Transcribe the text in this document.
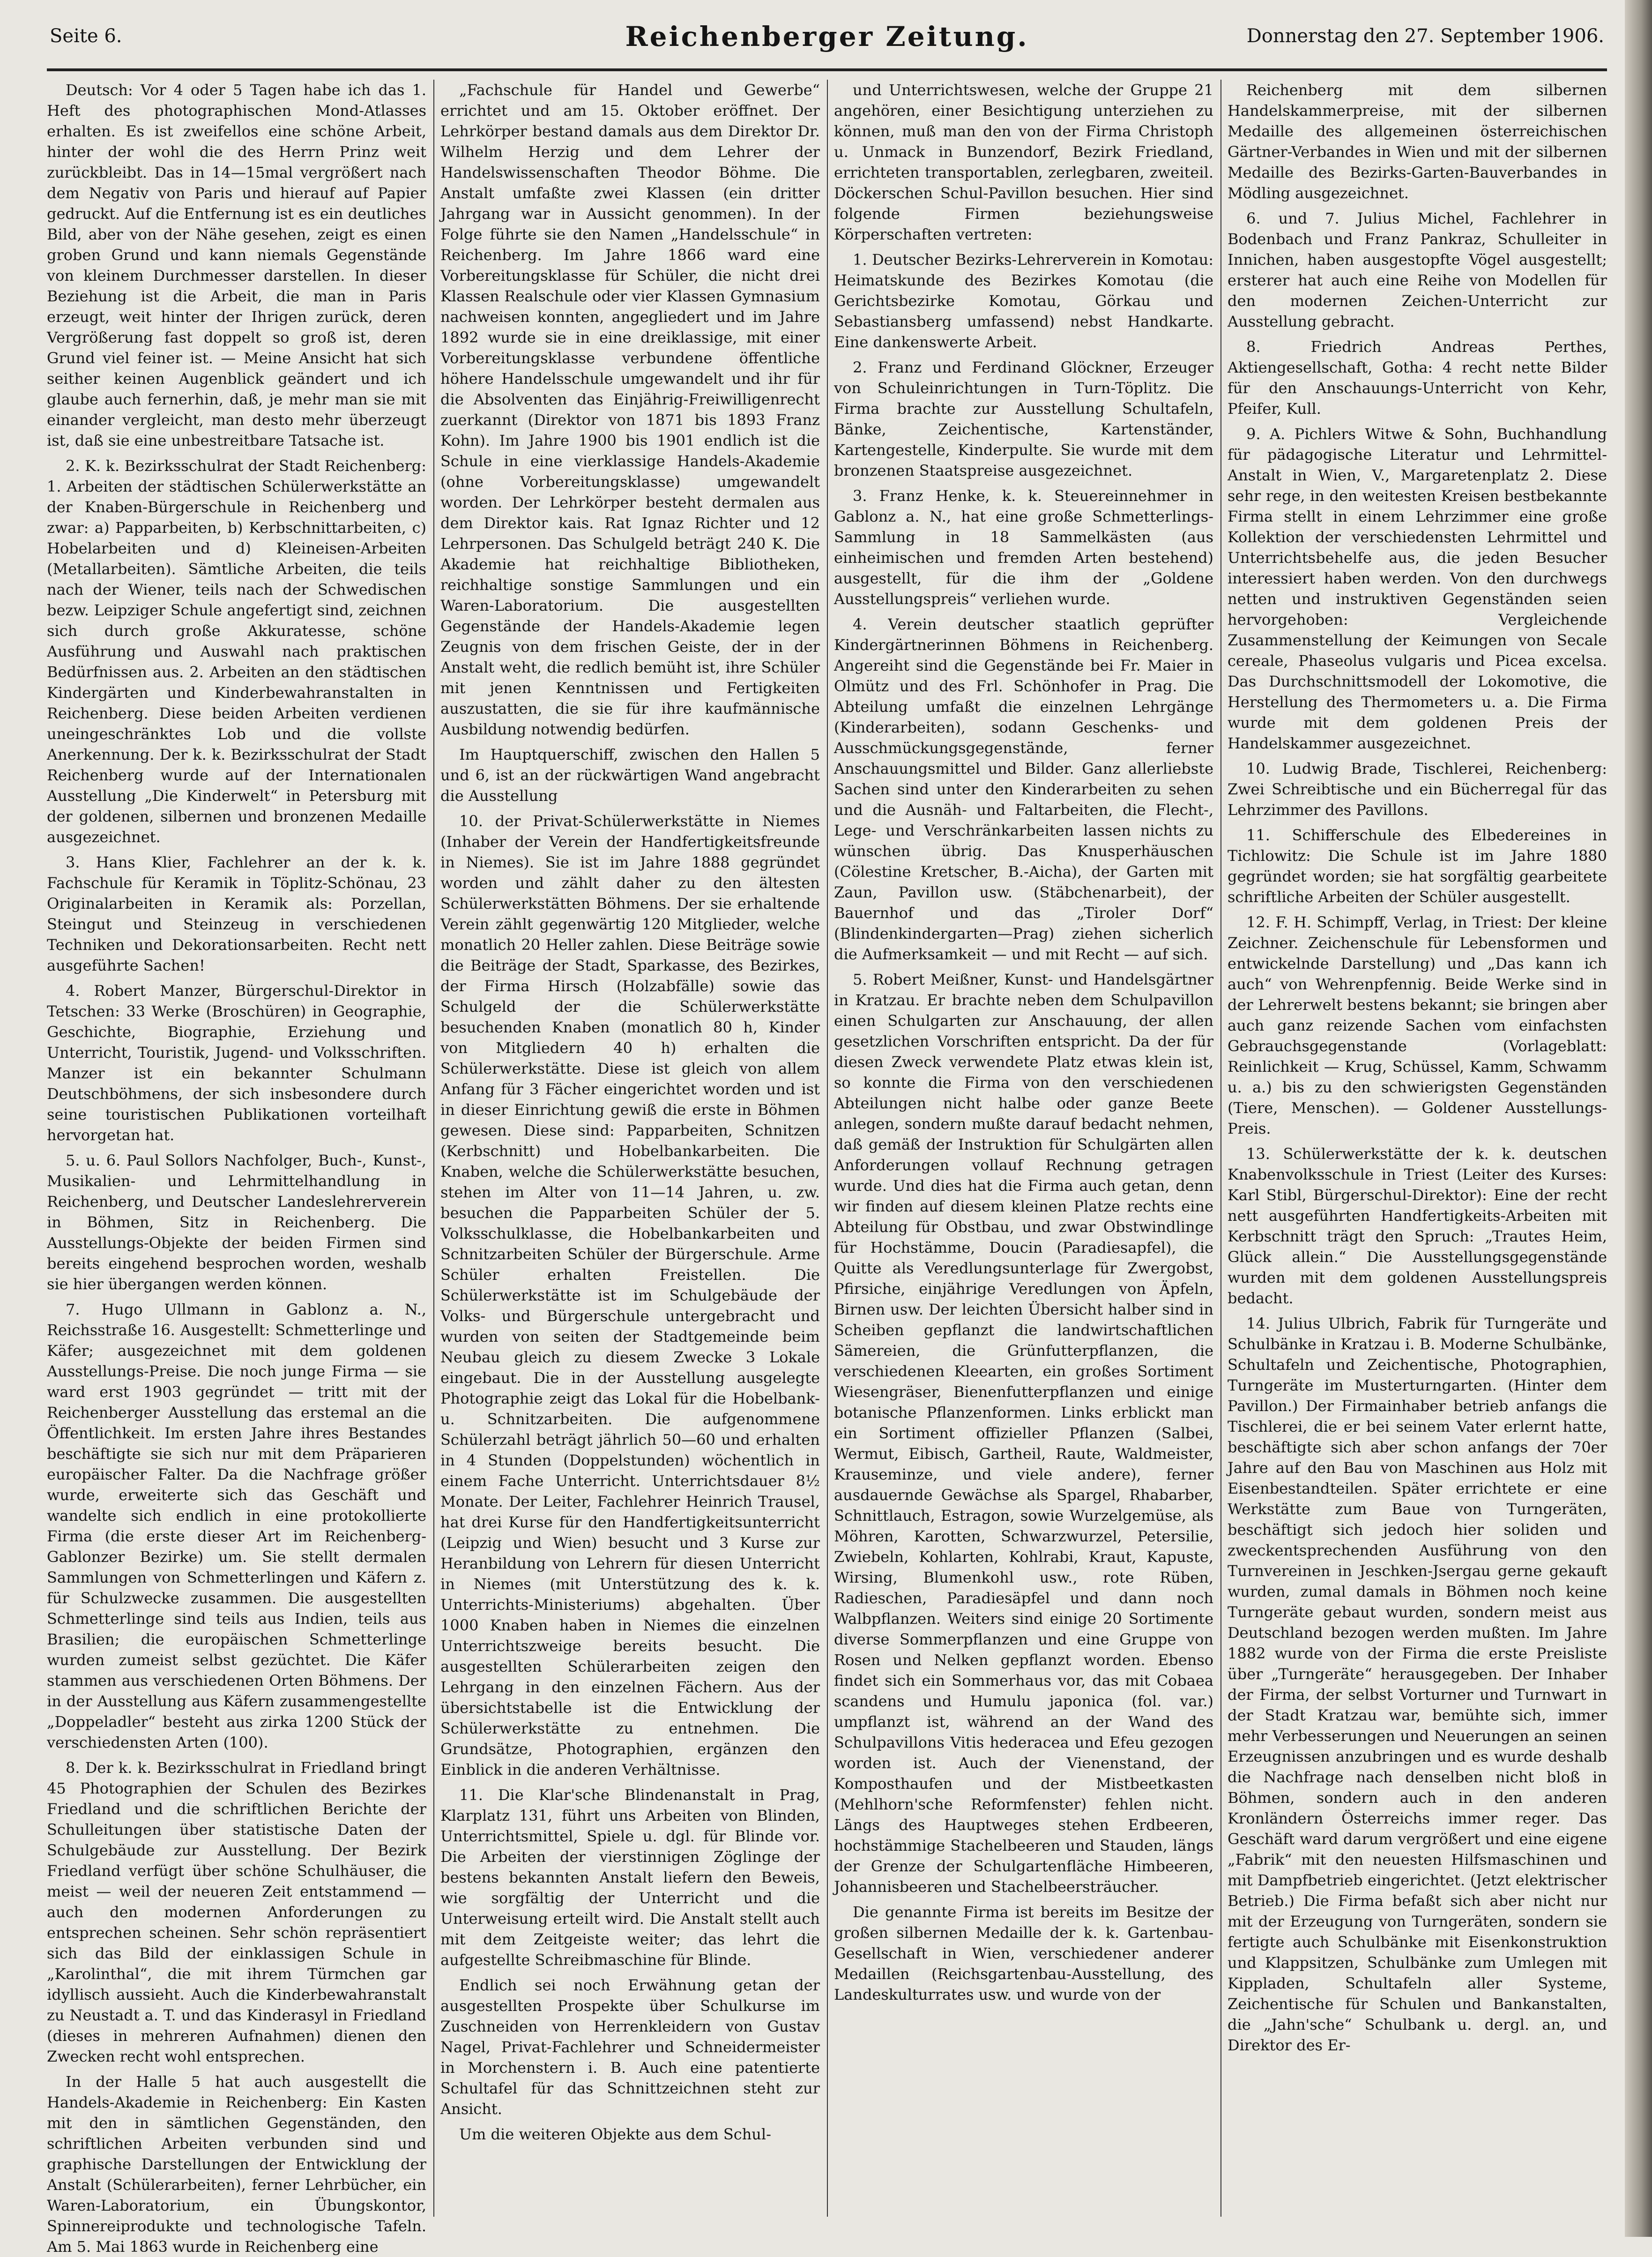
Seite 6.	Reichenberger Zeitung.	Donnerstag den 27. September 1906.

Deutsch: Vor 4 oder 5 Tagen habe ich das 1. Heft des photographischen Mond-Atlasses erhalten. Es ist zweifellos eine schöne Arbeit, hinter der wohl die des Herrn Prinz weit zurückbleibt. Das in 14—15mal vergrößert nach dem Negativ von Paris und hierauf auf Papier gedruckt. Auf die Entfernung ist es ein deutliches Bild, aber von der Nähe gesehen, zeigt es einen groben Grund und kann niemals Gegenstände von kleinem Durchmesser darstellen. In dieser Beziehung ist die Arbeit, die man in Paris erzeugt, weit hinter der Ihrigen zurück, deren Vergrößerung fast doppelt so groß ist, deren Grund viel feiner ist. — Meine Ansicht hat sich seither keinen Augenblick geändert und ich glaube auch fernerhin, daß, je mehr man sie mit einander vergleicht, man desto mehr überzeugt ist, daß sie eine unbestreitbare Tatsache ist.

2. K. k. Bezirksschulrat der Stadt Reichenberg: 1. Arbeiten der städtischen Schülerwerkstätte an der Knaben-Bürgerschule in Reichenberg und zwar: a) Papparbeiten, b) Kerbschnittarbeiten, c) Hobelarbeiten und d) Kleineisen-Arbeiten (Metallarbeiten). Sämtliche Arbeiten, die teils nach der Wiener, teils nach der Schwedischen bezw. Leipziger Schule angefertigt sind, zeichnen sich durch große Akkuratesse, schöne Ausführung und Auswahl nach praktischen Bedürfnissen aus. 2. Arbeiten an den städtischen Kindergärten und Kinderbewahranstalten in Reichenberg. Diese beiden Arbeiten verdienen uneingeschränktes Lob und die vollste Anerkennung. Der k. k. Bezirksschulrat der Stadt Reichenberg wurde auf der Internationalen Ausstellung „Die Kinderwelt“ in Petersburg mit der goldenen, silbernen und bronzenen Medaille ausgezeichnet.

3. Hans Klier, Fachlehrer an der k. k. Fachschule für Keramik in Töplitz-Schönau, 23 Originalarbeiten in Keramik als: Porzellan, Steingut und Steinzeug in verschiedenen Techniken und Dekorationsarbeiten. Recht nett ausgeführte Sachen!

4. Robert Manzer, Bürgerschul-Direktor in Tetschen: 33 Werke (Broschüren) in Geographie, Geschichte, Biographie, Erziehung und Unterricht, Touristik, Jugend- und Volksschriften. Manzer ist ein bekannter Schulmann Deutschböhmens, der sich insbesondere durch seine touristischen Publikationen vorteilhaft hervorgetan hat.

5. u. 6. Paul Sollors Nachfolger, Buch-, Kunst-, Musikalien- und Lehrmittelhandlung in Reichenberg, und Deutscher Landeslehrerverein in Böhmen, Sitz in Reichenberg. Die Ausstellungs-Objekte der beiden Firmen sind bereits eingehend besprochen worden, weshalb sie hier übergangen werden können.

7. Hugo Ullmann in Gablonz a. N., Reichsstraße 16. Ausgestellt: Schmetterlinge und Käfer; ausgezeichnet mit dem goldenen Ausstellungs-Preise. Die noch junge Firma — sie ward erst 1903 gegründet — tritt mit der Reichenberger Ausstellung das erstemal an die Öffentlichkeit. Im ersten Jahre ihres Bestandes beschäftigte sie sich nur mit dem Präparieren europäischer Falter. Da die Nachfrage größer wurde, erweiterte sich das Geschäft und wandelte sich endlich in eine protokollierte Firma (die erste dieser Art im Reichenberg-Gablonzer Bezirke) um. Sie stellt dermalen Sammlungen von Schmetterlingen und Käfern z. für Schulzwecke zusammen. Die ausgestellten Schmetterlinge sind teils aus Indien, teils aus Brasilien; die europäischen Schmetterlinge wurden zumeist selbst gezüchtet. Die Käfer stammen aus verschiedenen Orten Böhmens. Der in der Ausstellung aus Käfern zusammengestellte „Doppeladler“ besteht aus zirka 1200 Stück der verschiedensten Arten (100).

8. Der k. k. Bezirksschulrat in Friedland bringt 45 Photographien der Schulen des Bezirkes Friedland und die schriftlichen Berichte der Schulleitungen über statistische Daten der Schulgebäude zur Ausstellung. Der Bezirk Friedland verfügt über schöne Schulhäuser, die meist — weil der neueren Zeit entstammend — auch den modernen Anforderungen zu entsprechen scheinen. Sehr schön repräsentiert sich das Bild der einklassigen Schule in „Karolinthal“, die mit ihrem Türmchen gar idyllisch aussieht. Auch die Kinderbewahranstalt zu Neustadt a. T. und das Kinderasyl in Friedland (dieses in mehreren Aufnahmen) dienen den Zwecken recht wohl entsprechen.

In der Halle 5 hat auch ausgestellt die Handels-Akademie in Reichenberg: Ein Kasten mit den in sämtlichen Gegenständen, den schriftlichen Arbeiten verbunden sind und graphische Darstellungen der Entwicklung der Anstalt (Schülerarbeiten), ferner Lehrbücher, ein Waren-Laboratorium, ein Übungskontor, Spinnereiprodukte und technologische Tafeln. Am 5. Mai 1863 wurde in Reichenberg eine

„Fachschule für Handel und Gewerbe“ errichtet und am 15. Oktober eröffnet. Der Lehrkörper bestand damals aus dem Direktor Dr. Wilhelm Herzig und dem Lehrer der Handelswissenschaften Theodor Böhme. Die Anstalt umfaßte zwei Klassen (ein dritter Jahrgang war in Aussicht genommen). In der Folge führte sie den Namen „Handelsschule“ in Reichenberg. Im Jahre 1866 ward eine Vorbereitungsklasse für Schüler, die nicht drei Klassen Realschule oder vier Klassen Gymnasium nachweisen konnten, angegliedert und im Jahre 1892 wurde sie in eine dreiklassige, mit einer Vorbereitungsklasse verbundene öffentliche höhere Handelsschule umgewandelt und ihr für die Absolventen das Einjährig-Freiwilligenrecht zuerkannt (Direktor von 1871 bis 1893 Franz Kohn). Im Jahre 1900 bis 1901 endlich ist die Schule in eine vierklassige Handels-Akademie (ohne Vorbereitungsklasse) umgewandelt worden. Der Lehrkörper besteht dermalen aus dem Direktor kais. Rat Ignaz Richter und 12 Lehrpersonen. Das Schulgeld beträgt 240 K. Die Akademie hat reichhaltige Bibliotheken, reichhaltige sonstige Sammlungen und ein Waren-Laboratorium. Die ausgestellten Gegenstände der Handels-Akademie legen Zeugnis von dem frischen Geiste, der in der Anstalt weht, die redlich bemüht ist, ihre Schüler mit jenen Kenntnissen und Fertigkeiten auszustatten, die sie für ihre kaufmännische Ausbildung notwendig bedürfen.

Im Hauptquerschiff, zwischen den Hallen 5 und 6, ist an der rückwärtigen Wand angebracht die Ausstellung

10. der Privat-Schülerwerkstätte in Niemes (Inhaber der Verein der Handfertigkeitsfreunde in Niemes). Sie ist im Jahre 1888 gegründet worden und zählt daher zu den ältesten Schülerwerkstätten Böhmens. Der sie erhaltende Verein zählt gegenwärtig 120 Mitglieder, welche monatlich 20 Heller zahlen. Diese Beiträge sowie die Beiträge der Stadt, Sparkasse, des Bezirkes, der Firma Hirsch (Holzabfälle) sowie das Schulgeld der die Schülerwerkstätte besuchenden Knaben (monatlich 80 h, Kinder von Mitgliedern 40 h) erhalten die Schülerwerkstätte. Diese ist gleich von allem Anfang für 3 Fächer eingerichtet worden und ist in dieser Einrichtung gewiß die erste in Böhmen gewesen. Diese sind: Papparbeiten, Schnitzen (Kerbschnitt) und Hobelbankarbeiten. Die Knaben, welche die Schülerwerkstätte besuchen, stehen im Alter von 11—14 Jahren, u. zw. besuchen die Papparbeiten Schüler der 5. Volksschulklasse, die Hobelbankarbeiten und Schnitzarbeiten Schüler der Bürgerschule. Arme Schüler erhalten Freistellen. Die Schülerwerkstätte ist im Schulgebäude der Volks- und Bürgerschule untergebracht und wurden von seiten der Stadtgemeinde beim Neubau gleich zu diesem Zwecke 3 Lokale eingebaut. Die in der Ausstellung ausgelegte Photographie zeigt das Lokal für die Hobelbank- u. Schnitzarbeiten. Die aufgenommene Schülerzahl beträgt jährlich 50—60 und erhalten in 4 Stunden (Doppelstunden) wöchentlich in einem Fache Unterricht. Unterrichtsdauer 8½ Monate. Der Leiter, Fachlehrer Heinrich Trausel, hat drei Kurse für den Handfertigkeitsunterricht (Leipzig und Wien) besucht und 3 Kurse zur Heranbildung von Lehrern für diesen Unterricht in Niemes (mit Unterstützung des k. k. Unterrichts-Ministeriums) abgehalten. Über 1000 Knaben haben in Niemes die einzelnen Unterrichtszweige bereits besucht. Die ausgestellten Schülerarbeiten zeigen den Lehrgang in den einzelnen Fächern. Aus der übersichtstabelle ist die Entwicklung der Schülerwerkstätte zu entnehmen. Die Grundsätze, Photographien, ergänzen den Einblick in die anderen Verhältnisse.

11. Die Klar'sche Blindenanstalt in Prag, Klarplatz 131, führt uns Arbeiten von Blinden, Unterrichtsmittel, Spiele u. dgl. für Blinde vor. Die Arbeiten der vierstinnigen Zöglinge der bestens bekannten Anstalt liefern den Beweis, wie sorgfältig der Unterricht und die Unterweisung erteilt wird. Die Anstalt stellt auch mit dem Zeitgeiste weiter; das lehrt die aufgestellte Schreibmaschine für Blinde.

Endlich sei noch Erwähnung getan der ausgestellten Prospekte über Schulkurse im Zuschneiden von Herrenkleidern von Gustav Nagel, Privat-Fachlehrer und Schneidermeister in Morchenstern i. B. Auch eine patentierte Schultafel für das Schnittzeichnen steht zur Ansicht.

Um die weiteren Objekte aus dem Schul-

und Unterrichtswesen, welche der Gruppe 21 angehören, einer Besichtigung unterziehen zu können, muß man den von der Firma Christoph u. Unmack in Bunzendorf, Bezirk Friedland, errichteten transportablen, zerlegbaren, zweiteil. Döckerschen Schul-Pavillon besuchen. Hier sind folgende Firmen beziehungsweise Körperschaften vertreten:

1. Deutscher Bezirks-Lehrerverein in Komotau: Heimatskunde des Bezirkes Komotau (die Gerichtsbezirke Komotau, Görkau und Sebastiansberg umfassend) nebst Handkarte. Eine dankenswerte Arbeit.

2. Franz und Ferdinand Glöckner, Erzeuger von Schuleinrichtungen in Turn-Töplitz. Die Firma brachte zur Ausstellung Schultafeln, Bänke, Zeichentische, Kartenständer, Kartengestelle, Kinderpulte. Sie wurde mit dem bronzenen Staatspreise ausgezeichnet.

3. Franz Henke, k. k. Steuereinnehmer in Gablonz a. N., hat eine große Schmetterlings-Sammlung in 18 Sammelkästen (aus einheimischen und fremden Arten bestehend) ausgestellt, für die ihm der „Goldene Ausstellungspreis“ verliehen wurde.

4. Verein deutscher staatlich geprüfter Kindergärtnerinnen Böhmens in Reichenberg. Angereiht sind die Gegenstände bei Fr. Maier in Olmütz und des Frl. Schönhofer in Prag. Die Abteilung umfaßt die einzelnen Lehrgänge (Kinderarbeiten), sodann Geschenks- und Ausschmückungsgegenstände, ferner Anschauungsmittel und Bilder. Ganz allerliebste Sachen sind unter den Kinderarbeiten zu sehen und die Ausnäh- und Faltarbeiten, die Flecht-, Lege- und Verschränkarbeiten lassen nichts zu wünschen übrig. Das Knusperhäuschen (Cölestine Kretscher, B.-Aicha), der Garten mit Zaun, Pavillon usw. (Stäbchenarbeit), der Bauernhof und das „Tiroler Dorf“ (Blindenkindergarten—Prag) ziehen sicherlich die Aufmerksamkeit — und mit Recht — auf sich.

5. Robert Meißner, Kunst- und Handelsgärtner in Kratzau. Er brachte neben dem Schulpavillon einen Schulgarten zur Anschauung, der allen gesetzlichen Vorschriften entspricht. Da der für diesen Zweck verwendete Platz etwas klein ist, so konnte die Firma von den verschiedenen Abteilungen nicht halbe oder ganze Beete anlegen, sondern mußte darauf bedacht nehmen, daß gemäß der Instruktion für Schulgärten allen Anforderungen vollauf Rechnung getragen wurde. Und dies hat die Firma auch getan, denn wir finden auf diesem kleinen Platze rechts eine Abteilung für Obstbau, und zwar Obstwindlinge für Hochstämme, Doucin (Paradiesapfel), die Quitte als Veredlungsunterlage für Zwergobst, Pfirsiche, einjährige Veredlungen von Äpfeln, Birnen usw. Der leichten Übersicht halber sind in Scheiben gepflanzt die landwirtschaftlichen Sämereien, die Grünfutterpflanzen, die verschiedenen Kleearten, ein großes Sortiment Wiesengräser, Bienenfutterpflanzen und einige botanische Pflanzenformen. Links erblickt man ein Sortiment offizieller Pflanzen (Salbei, Wermut, Eibisch, Gartheil, Raute, Waldmeister, Krauseminze, und viele andere), ferner ausdauernde Gewächse als Spargel, Rhabarber, Schnittlauch, Estragon, sowie Wurzelgemüse, als Möhren, Karotten, Schwarzwurzel, Petersilie, Zwiebeln, Kohlarten, Kohlrabi, Kraut, Kapuste, Wirsing, Blumenkohl usw., rote Rüben, Radieschen, Paradiesäpfel und dann noch Walbpflanzen. Weiters sind einige 20 Sortimente diverse Sommerpflanzen und eine Gruppe von Rosen und Nelken gepflanzt worden. Ebenso findet sich ein Sommerhaus vor, das mit Cobaea scandens und Humulu japonica (fol. var.) umpflanzt ist, während an der Wand des Schulpavillons Vitis hederacea und Efeu gezogen worden ist. Auch der Vienenstand, der Komposthaufen und der Mistbeetkasten (Mehlhorn'sche Reformfenster) fehlen nicht. Längs des Hauptweges stehen Erdbeeren, hochstämmige Stachelbeeren und Stauden, längs der Grenze der Schulgartenfläche Himbeeren, Johannisbeeren und Stachelbeersträucher.

Die genannte Firma ist bereits im Besitze der großen silbernen Medaille der k. k. Gartenbau-Gesellschaft in Wien, verschiedener anderer Medaillen (Reichsgartenbau-Ausstellung, des Landeskulturrates usw. und wurde von der

Reichenberg mit dem silbernen Handelskammerpreise, mit der silbernen Medaille des allgemeinen österreichischen Gärtner-Verbandes in Wien und mit der silbernen Medaille des Bezirks-Garten-Bauverbandes in Mödling ausgezeichnet.

6. und 7. Julius Michel, Fachlehrer in Bodenbach und Franz Pankraz, Schulleiter in Innichen, haben ausgestopfte Vögel ausgestellt; ersterer hat auch eine Reihe von Modellen für den modernen Zeichen-Unterricht zur Ausstellung gebracht.

8. Friedrich Andreas Perthes, Aktiengesellschaft, Gotha: 4 recht nette Bilder für den Anschauungs-Unterricht von Kehr, Pfeifer, Kull.

9. A. Pichlers Witwe & Sohn, Buchhandlung für pädagogische Literatur und Lehrmittel-Anstalt in Wien, V., Margaretenplatz 2. Diese sehr rege, in den weitesten Kreisen bestbekannte Firma stellt in einem Lehrzimmer eine große Kollektion der verschiedensten Lehrmittel und Unterrichtsbehelfe aus, die jeden Besucher interessiert haben werden. Von den durchwegs netten und instruktiven Gegenständen seien hervorgehoben: Vergleichende Zusammenstellung der Keimungen von Secale cereale, Phaseolus vulgaris und Picea excelsa. Das Durchschnittsmodell der Lokomotive, die Herstellung des Thermometers u. a. Die Firma wurde mit dem goldenen Preis der Handelskammer ausgezeichnet.

10. Ludwig Brade, Tischlerei, Reichenberg: Zwei Schreibtische und ein Bücherregal für das Lehrzimmer des Pavillons.

11. Schifferschule des Elbedereines in Tichlowitz: Die Schule ist im Jahre 1880 gegründet worden; sie hat sorgfältig gearbeitete schriftliche Arbeiten der Schüler ausgestellt.

12. F. H. Schimpff, Verlag, in Triest: Der kleine Zeichner. Zeichenschule für Lebensformen und entwickelnde Darstellung) und „Das kann ich auch“ von Wehrenpfennig. Beide Werke sind in der Lehrerwelt bestens bekannt; sie bringen aber auch ganz reizende Sachen vom einfachsten Gebrauchsgegenstande (Vorlageblatt: Reinlichkeit — Krug, Schüssel, Kamm, Schwamm u. a.) bis zu den schwierigsten Gegenständen (Tiere, Menschen). — Goldener Ausstellungs-Preis.

13. Schülerwerkstätte der k. k. deutschen Knabenvolksschule in Triest (Leiter des Kurses: Karl Stibl, Bürgerschul-Direktor): Eine der recht nett ausgeführten Handfertigkeits-Arbeiten mit Kerbschnitt trägt den Spruch: „Trautes Heim, Glück allein.“ Die Ausstellungsgegenstände wurden mit dem goldenen Ausstellungspreis bedacht.

14. Julius Ulbrich, Fabrik für Turngeräte und Schulbänke in Kratzau i. B. Moderne Schulbänke, Schultafeln und Zeichentische, Photographien, Turngeräte im Musterturngarten. (Hinter dem Pavillon.) Der Firmainhaber betrieb anfangs die Tischlerei, die er bei seinem Vater erlernt hatte, beschäftigte sich aber schon anfangs der 70er Jahre auf den Bau von Maschinen aus Holz mit Eisenbestandteilen. Später errichtete er eine Werkstätte zum Baue von Turngeräten, beschäftigt sich jedoch hier soliden und zweckentsprechenden Ausführung von den Turnvereinen in Jeschken-Jsergau gerne gekauft wurden, zumal damals in Böhmen noch keine Turngeräte gebaut wurden, sondern meist aus Deutschland bezogen werden mußten. Im Jahre 1882 wurde von der Firma die erste Preisliste über „Turngeräte“ herausgegeben. Der Inhaber der Firma, der selbst Vorturner und Turnwart in der Stadt Kratzau war, bemühte sich, immer mehr Verbesserungen und Neuerungen an seinen Erzeugnissen anzubringen und es wurde deshalb die Nachfrage nach denselben nicht bloß in Böhmen, sondern auch in den anderen Kronländern Österreichs immer reger. Das Geschäft ward darum vergrößert und eine eigene „Fabrik“ mit den neuesten Hilfsmaschinen und mit Dampfbetrieb eingerichtet. (Jetzt elektrischer Betrieb.) Die Firma befaßt sich aber nicht nur mit der Erzeugung von Turngeräten, sondern sie fertigte auch Schulbänke mit Eisenkonstruktion und Klappsitzen, Schulbänke zum Umlegen mit Kippladen, Schultafeln aller Systeme, Zeichentische für Schulen und Bankanstalten, die „Jahn'sche“ Schulbank u. dergl. an, und Direktor des Er-
